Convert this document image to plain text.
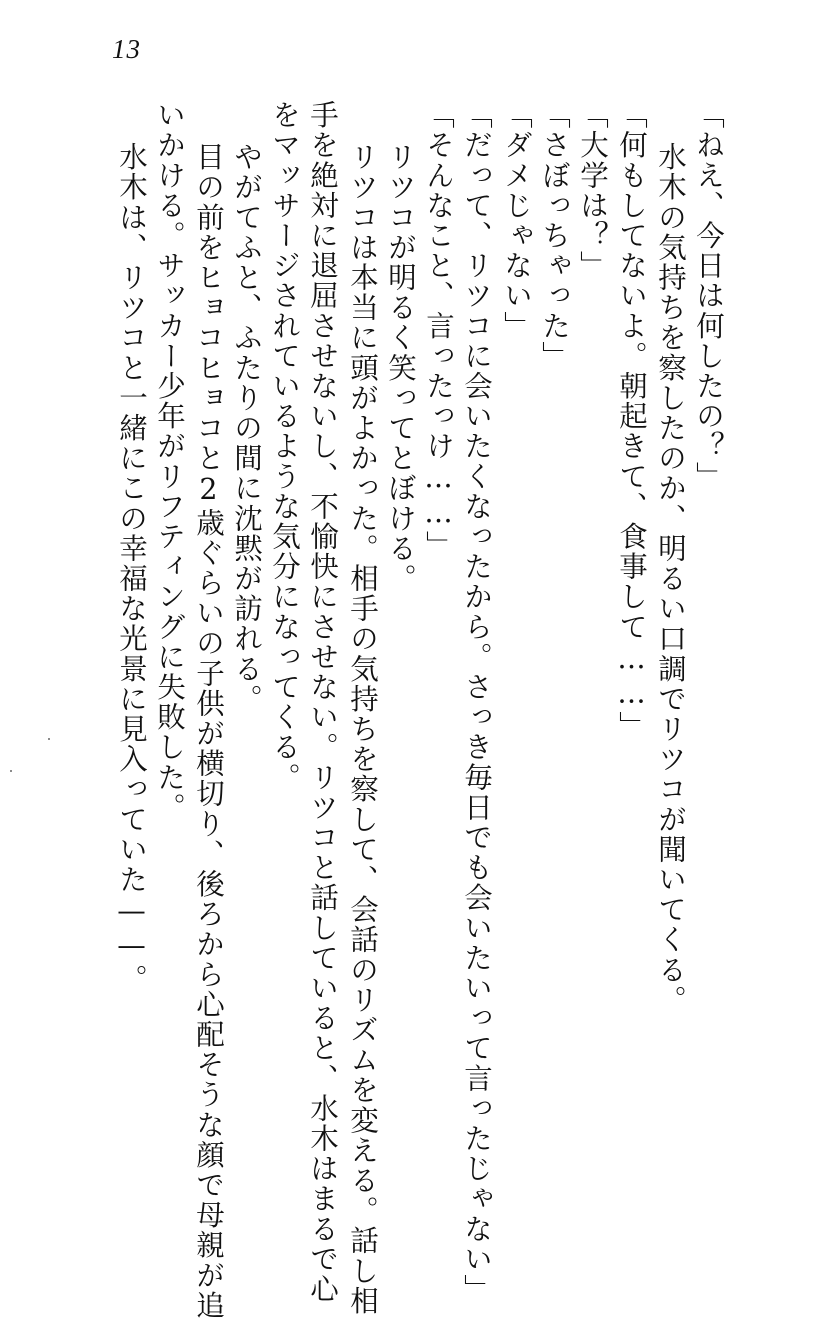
13
「ねえ、今日は何したの？」
水木の気持ちを察したのか、明るい口調でリツコが聞いてくる。
「何もしてないよ。朝起きて、食事して……」
「大学は？」
「さぼっちゃった」
「ダメじゃない」
「だって、リツコに会いたくなったから。さっき毎日でも会いたいって言ったじゃない」
「そんなこと、言ったっけ……」
リツコが明るく笑ってとぼける。
リツコは本当に頭がよかった。相手の気持ちを察して、会話のリズムを変える。話し相
手を絶対に退屈させないし、不愉快にさせない。リツコと話していると、水木はまるで心
をマッサージされているような気分になってくる。
やがてふと、ふたりの間に沈黙が訪れる。
目の前をヒョコヒョコと2歳ぐらいの子供が横切り、後ろから心配そうな顔で母親が追
いかける。サッカー少年がリフティングに失敗した。
水木は、リツコと一緒にこの幸福な光景に見入っていた——。
